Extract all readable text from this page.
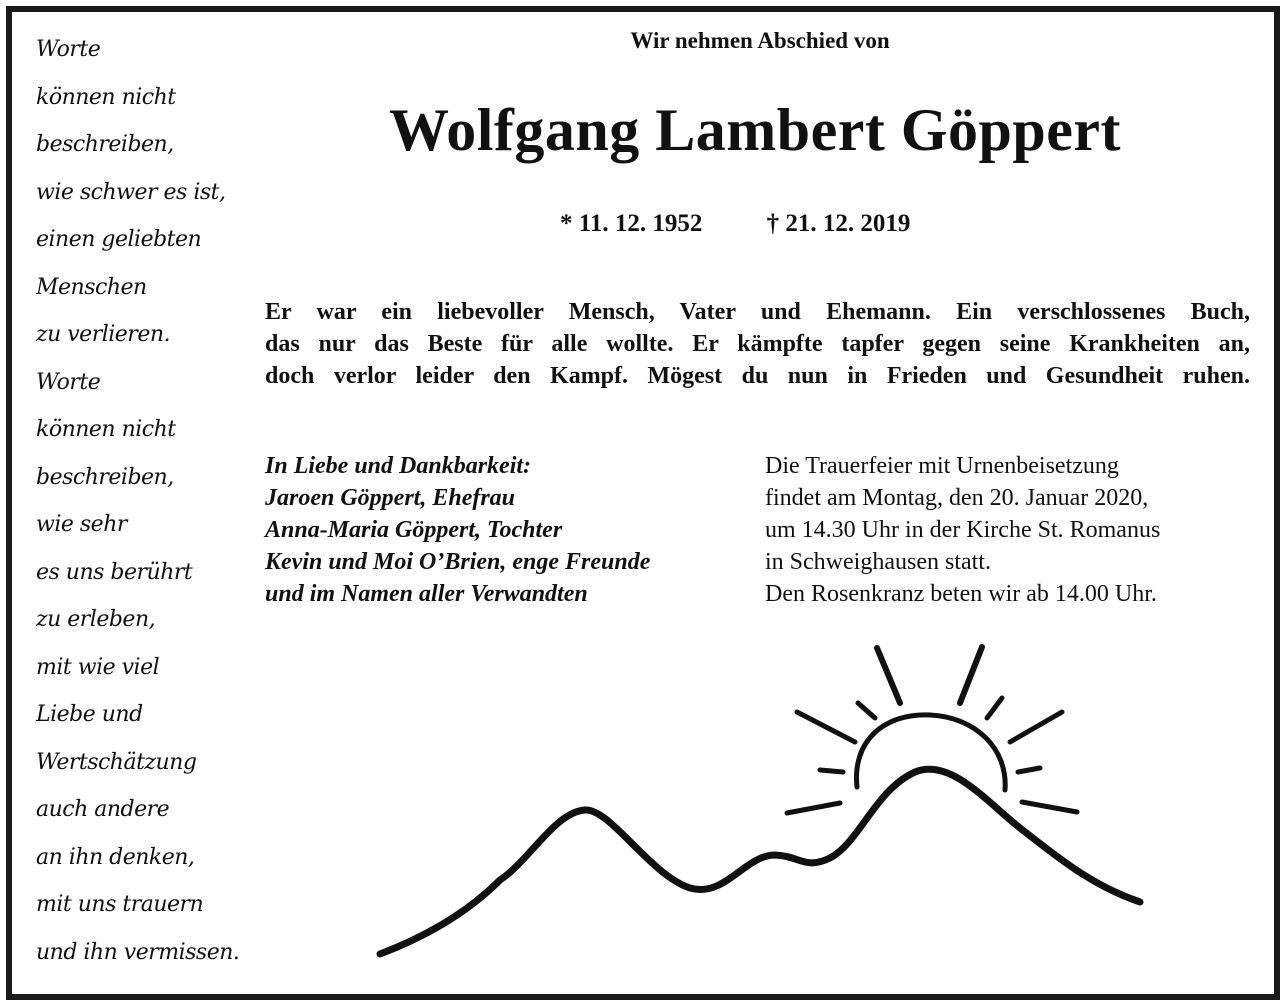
Worte
können nicht
beschreiben,
wie schwer es ist,
einen geliebten
Menschen
zu verlieren.
Worte
können nicht
beschreiben,
wie sehr
es uns berührt
zu erleben,
mit wie viel
Liebe und
Wertschätzung
auch andere
an ihn denken,
mit uns trauern
und ihn vermissen.
Wir nehmen Abschied von
Wolfgang Lambert Göppert
* 11. 12. 1952	† 21. 12. 2019
Er war ein liebevoller Mensch, Vater und Ehemann. Ein verschlossenes Buch,
das nur das Beste für alle wollte. Er kämpfte tapfer gegen seine Krankheiten an,
doch verlor leider den Kampf. Mögest du nun in Frieden und Gesundheit ruhen.
In Liebe und Dankbarkeit:
Jaroen Göppert, Ehefrau
Anna-Maria Göppert, Tochter
Kevin und Moi O’Brien, enge Freunde
und im Namen aller Verwandten
Die Trauerfeier mit Urnenbeisetzung
findet am Montag, den 20. Januar 2020,
um 14.30 Uhr in der Kirche St. Romanus
in Schweighausen statt.
Den Rosenkranz beten wir ab 14.00 Uhr.
